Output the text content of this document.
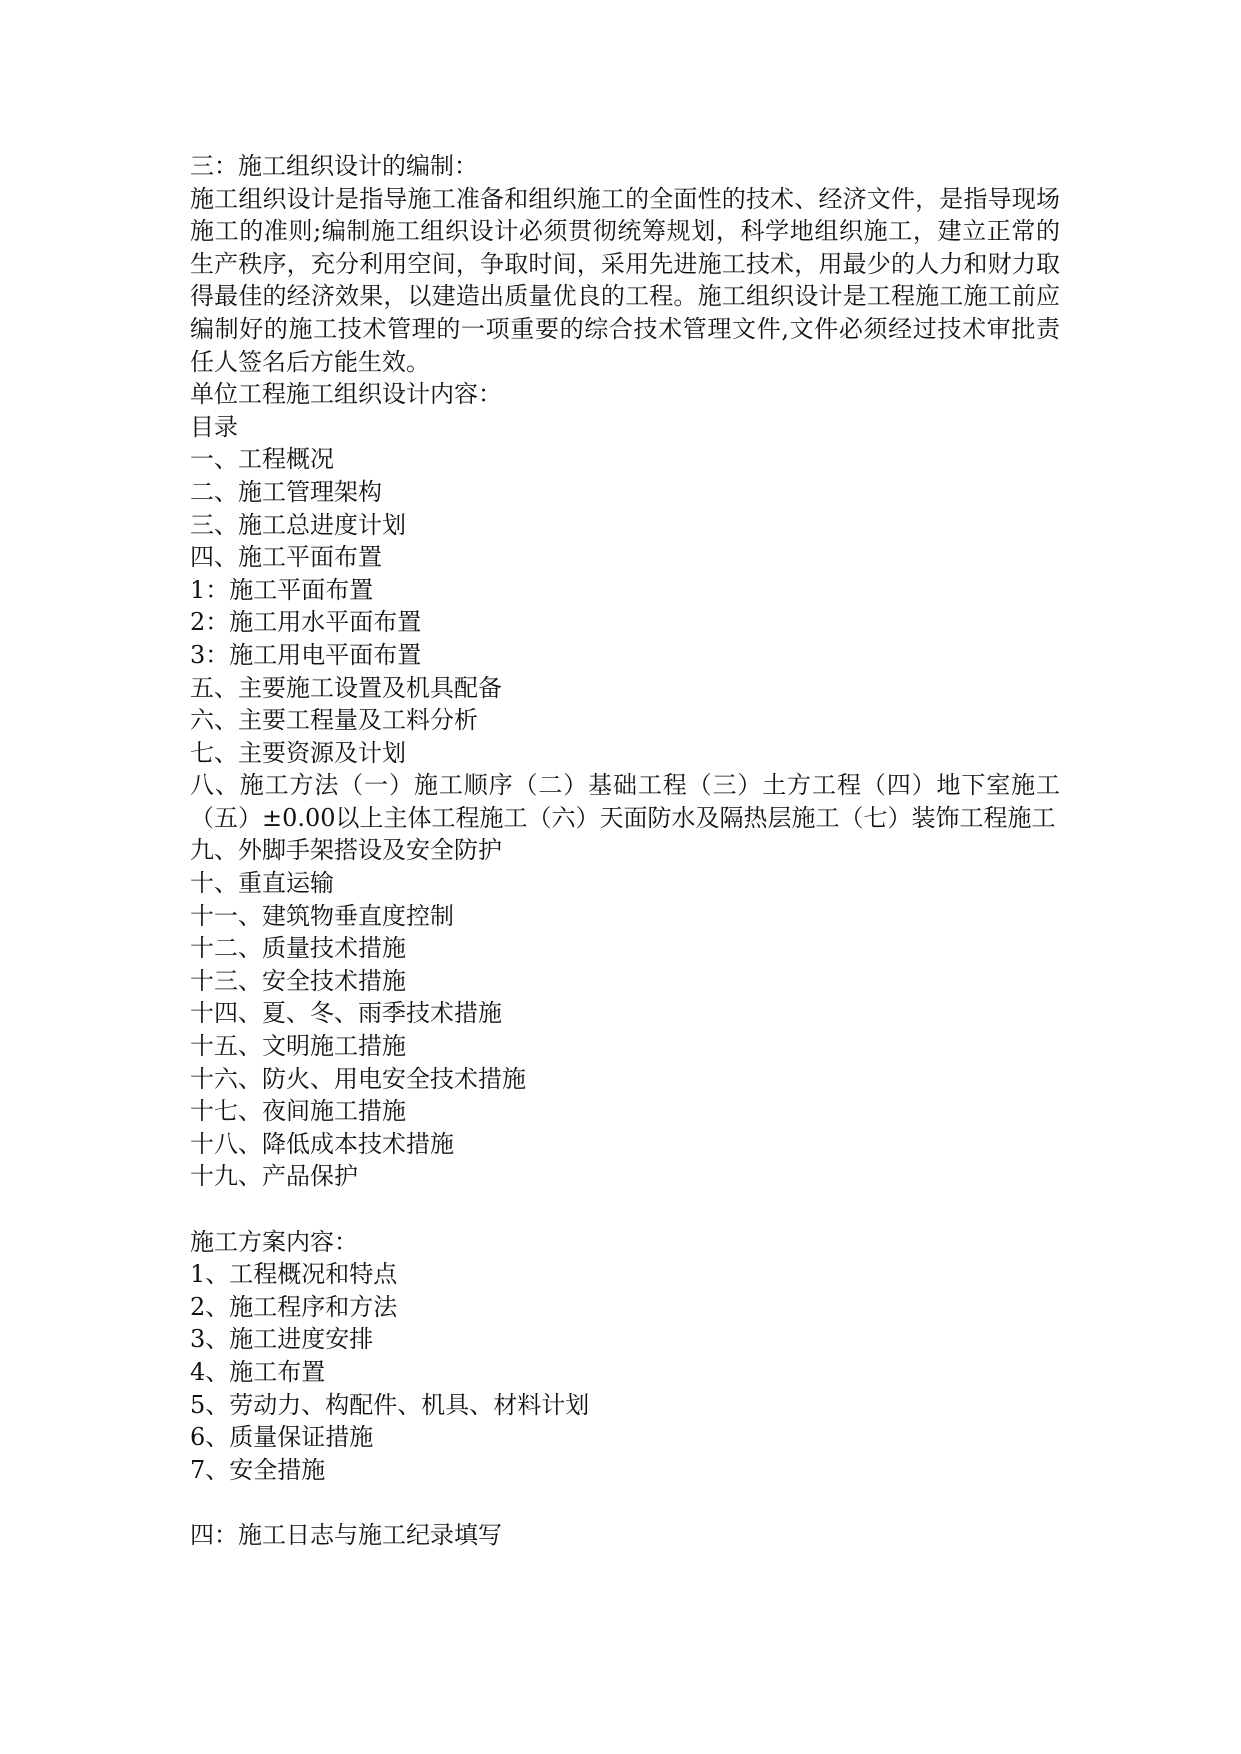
三：施工组织设计的编制：
施工组织设计是指导施工准备和组织施工的全面性的技术、经济文件，是指导现场施工的准则;编制施工组织设计必须贯彻统筹规划，科学地组织施工，建立正常的生产秩序，充分利用空间，争取时间，采用先进施工技术，用最少的人力和财力取得最佳的经济效果，以建造出质量优良的工程。施工组织设计是工程施工施工前应编制好的施工技术管理的一项重要的综合技术管理文件,文件必须经过技术审批责任人签名后方能生效。
单位工程施工组织设计内容：
目录
一、工程概况
二、施工管理架构
三、施工总进度计划
四、施工平面布置
1：施工平面布置
2：施工用水平面布置
3：施工用电平面布置
五、主要施工设置及机具配备
六、主要工程量及工料分析
七、主要资源及计划
八、施工方法（一）施工顺序（二）基础工程（三）土方工程（四）地下室施工（五）±0.00以上主体工程施工（六）天面防水及隔热层施工（七）装饰工程施工
九、外脚手架搭设及安全防护
十、重直运输
十一、建筑物垂直度控制
十二、质量技术措施
十三、安全技术措施
十四、夏、冬、雨季技术措施
十五、文明施工措施
十六、防火、用电安全技术措施
十七、夜间施工措施
十八、降低成本技术措施
十九、产品保护
施工方案内容：
1、工程概况和特点
2、施工程序和方法
3、施工进度安排
4、施工布置
5、劳动力、构配件、机具、材料计划
6、质量保证措施
7、安全措施
四：施工日志与施工纪录填写
